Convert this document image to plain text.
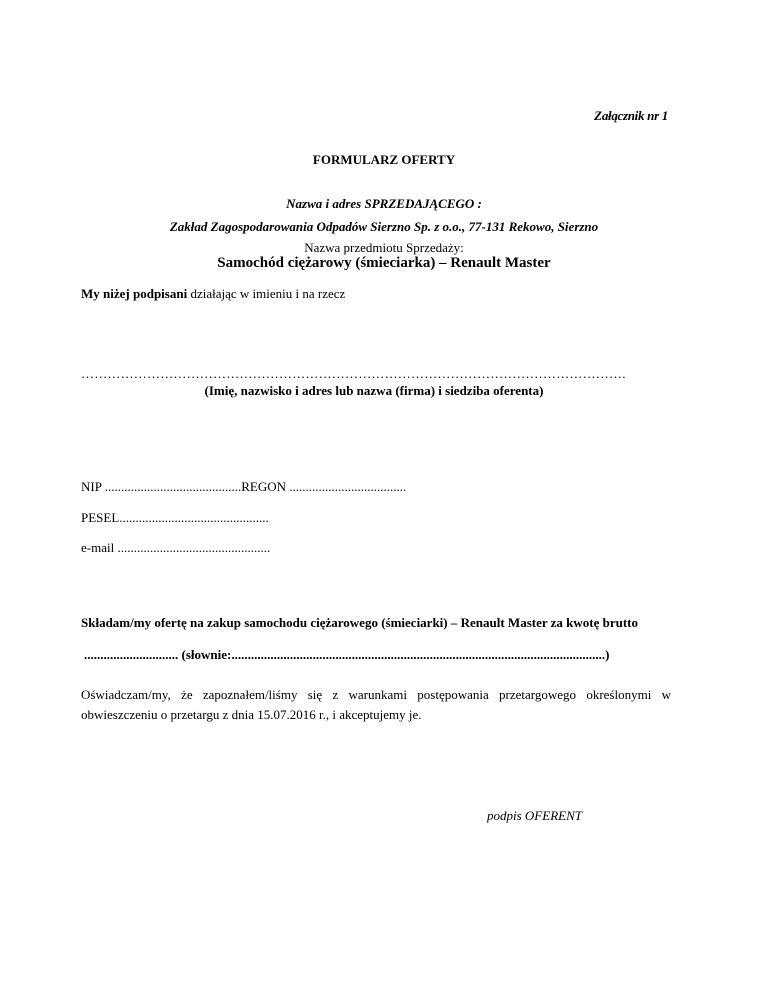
Załącznik nr 1
FORMULARZ OFERTY
Nazwa i adres SPRZEDAJĄCEGO :
Zakład Zagospodarowania Odpadów Sierzno Sp. z o.o., 77-131 Rekowo, Sierzno
Nazwa przedmiotu Sprzedaży:
Samochód ciężarowy (śmieciarka) – Renault Master
My niżej podpisani działając w imieniu i na rzecz
…………………………………………………………………………………………………………….
(Imię, nazwisko i adres lub nazwa (firma) i siedziba oferenta)
NIP ..........................................REGON ....................................
PESEL..............................................
e-mail ...............................................
Składam/my ofertę na zakup samochodu ciężarowego (śmieciarki) – Renault Master za kwotę brutto
............................. (słownie:...................................................................................................................)
Oświadczam/my, że zapoznałem/liśmy się z warunkami postępowania przetargowego określonymi w
obwieszczeniu o przetargu z dnia 15.07.2016 r., i akceptujemy je.
podpis OFERENT
